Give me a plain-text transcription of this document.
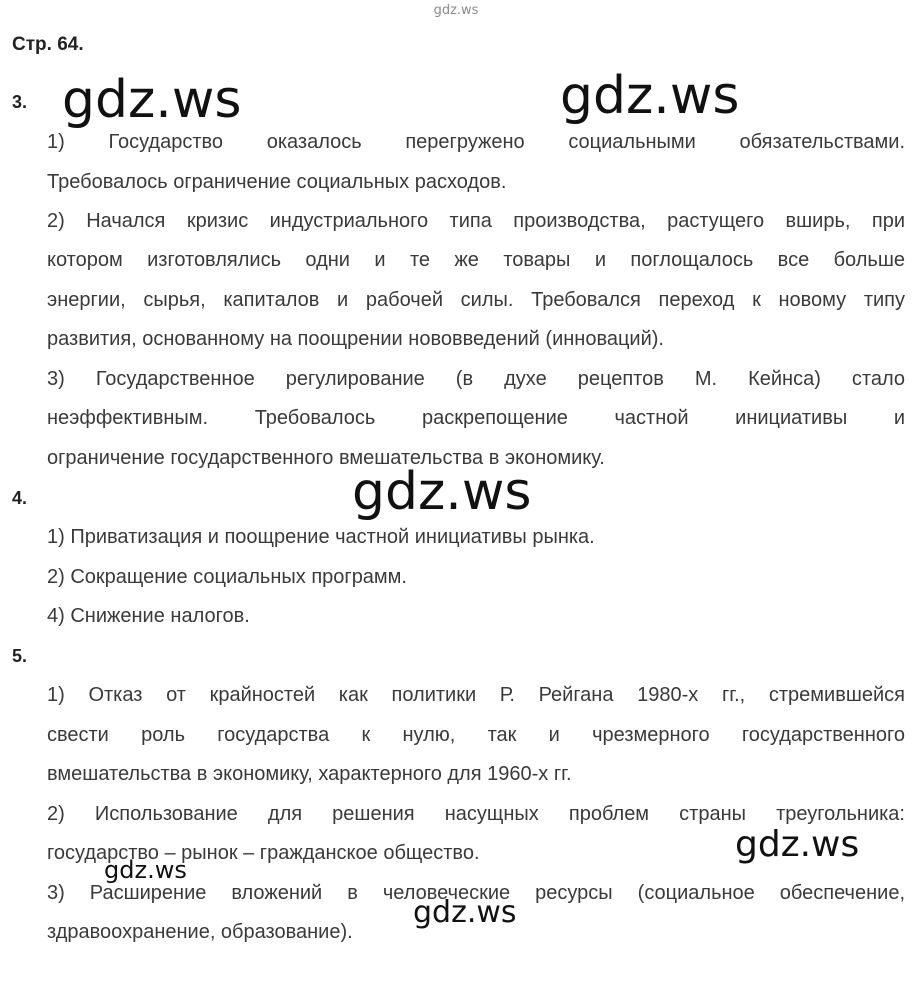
gdz.ws
Стр. 64.
3.
1) Государство оказалось перегружено социальными обязательствами.
Требовалось ограничение социальных расходов.
2) Начался кризис индустриального типа производства, растущего вширь, при
котором изготовлялись одни и те же товары и поглощалось все больше
энергии, сырья, капиталов и рабочей силы. Требовался переход к новому типу
развития, основанному на поощрении нововведений (инноваций).
3) Государственное регулирование (в духе рецептов М. Кейнса) стало
неэффективным. Требовалось раскрепощение частной инициативы и
ограничение государственного вмешательства в экономику.
4.
1) Приватизация и поощрение частной инициативы рынка.
2) Сокращение социальных программ.
4) Снижение налогов.
5.
1) Отказ от крайностей как политики Р. Рейгана 1980-х гг., стремившейся
свести роль государства к нулю, так и чрезмерного государственного
вмешательства в экономику, характерного для 1960-х гг.
2) Использование для решения насущных проблем страны треугольника:
государство – рынок – гражданское общество.
3) Расширение вложений в человеческие ресурсы (социальное обеспечение,
здравоохранение, образование).
gdz.ws	gdz.ws
gdz.ws
gdz.ws
gdz.ws
gdz.ws
